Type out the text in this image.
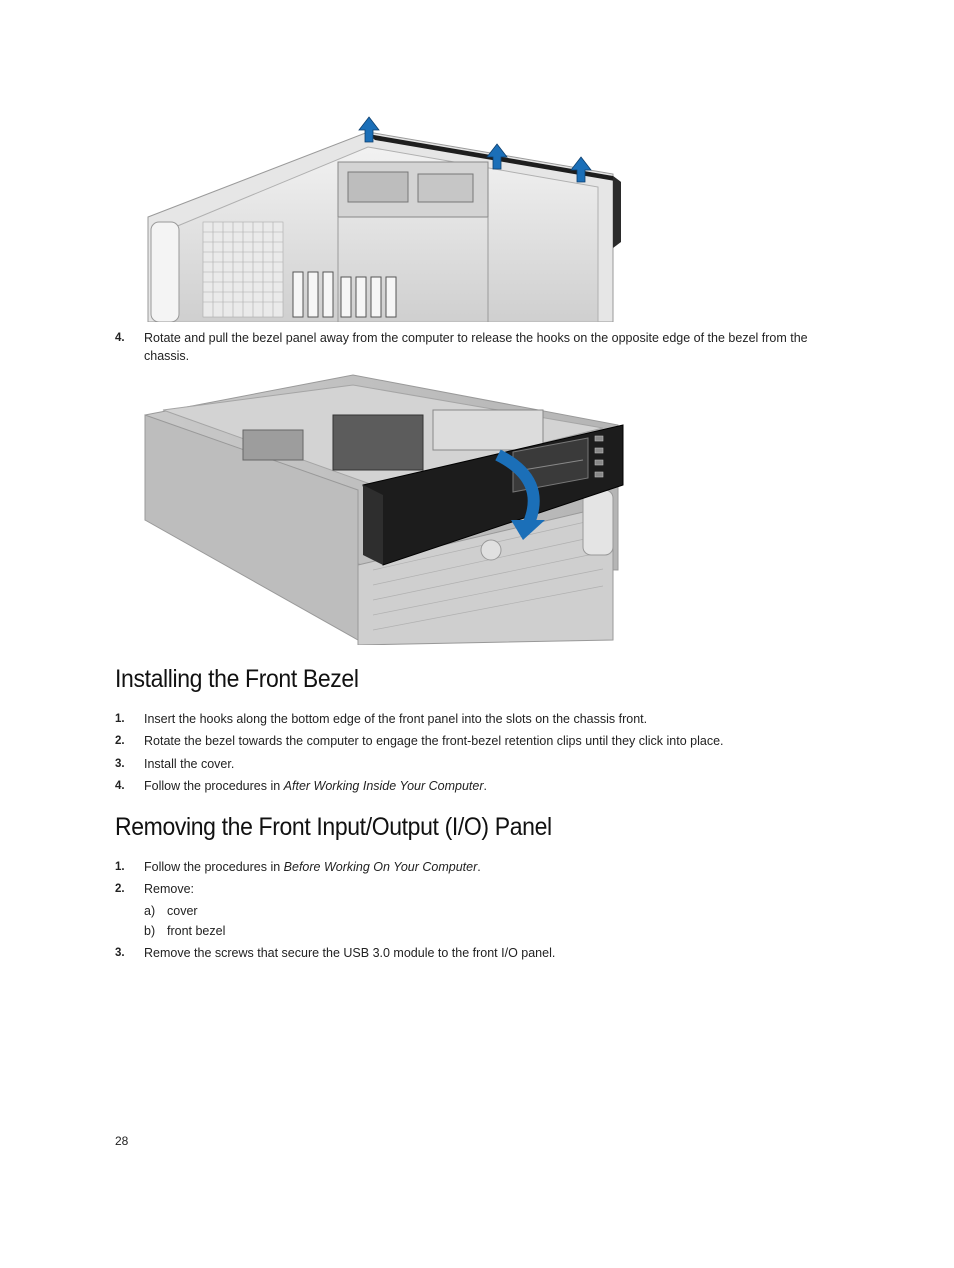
4. Rotate and pull the bezel panel away from the computer to release the hooks on the opposite edge of the bezel from the chassis.
Installing the Front Bezel
1. Insert the hooks along the bottom edge of the front panel into the slots on the chassis front.
2. Rotate the bezel towards the computer to engage the front-bezel retention clips until they click into place.
3. Install the cover.
4. Follow the procedures in After Working Inside Your Computer.
Removing the Front Input/Output (I/O) Panel
1. Follow the procedures in Before Working On Your Computer.
2. Remove:
a) cover
b) front bezel
3. Remove the screws that secure the USB 3.0 module to the front I/O panel.
28
